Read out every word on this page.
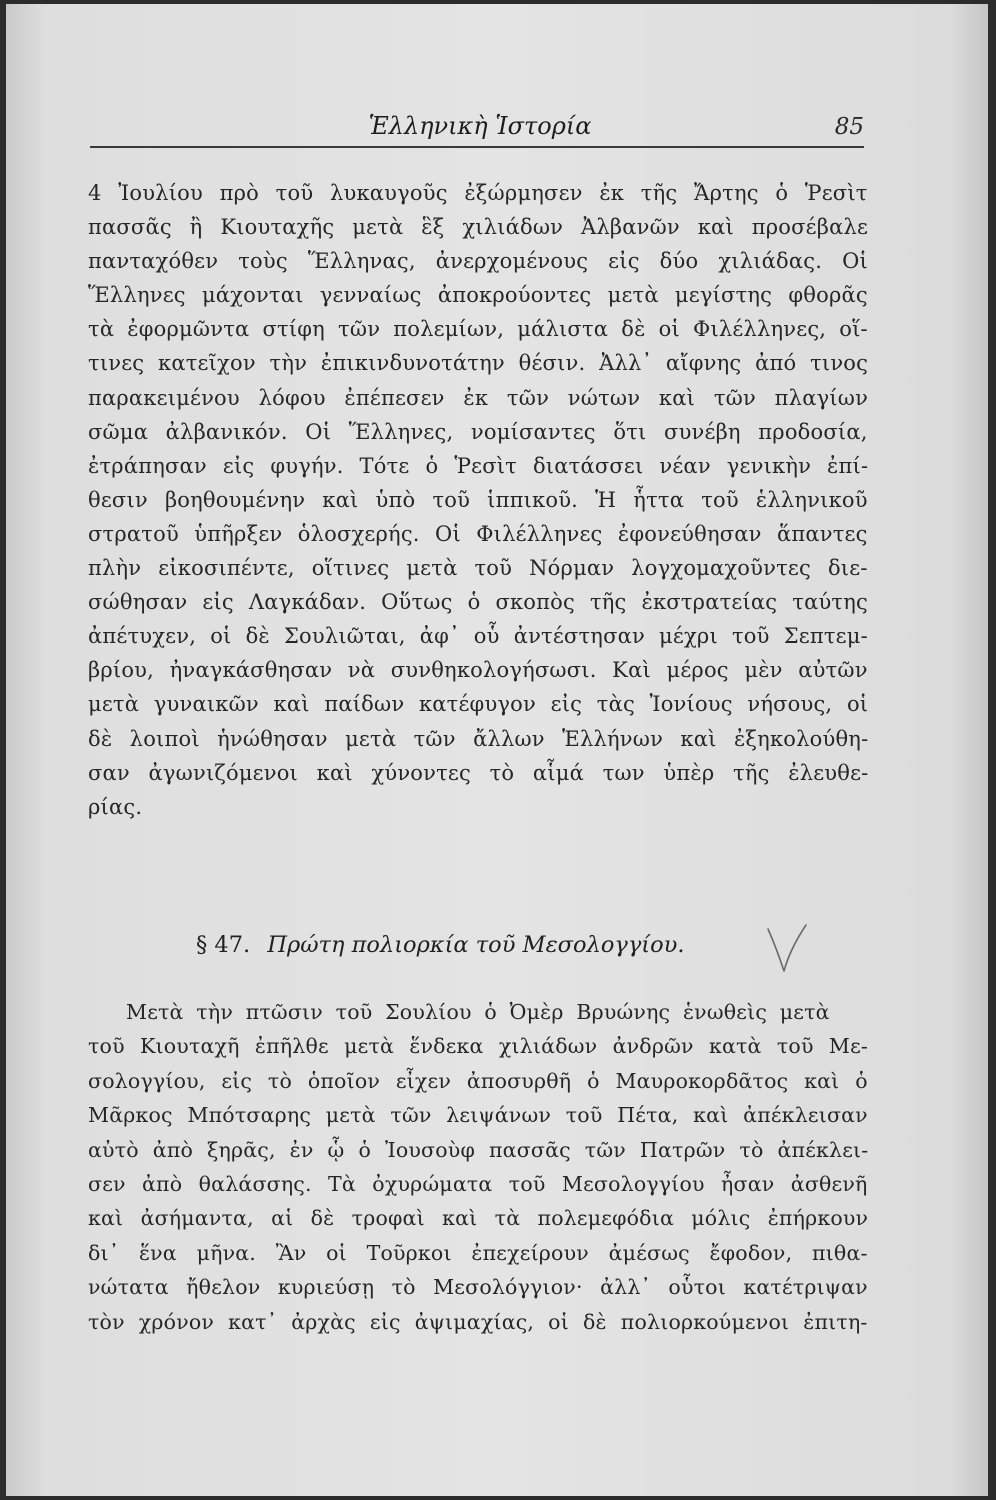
Ἑλληνικὴ Ἱστορία	85
4 Ἰουλίου πρὸ τοῦ λυκαυγοῦς ἐξώρμησεν ἐκ τῆς Ἄρτης ὁ Ῥεσὶτ
πασσᾶς ἢ Κιουταχῆς μετὰ ἓξ χιλιάδων Ἀλβανῶν καὶ προσέβαλε
πανταχόθεν τοὺς Ἕλληνας, ἀνερχομένους εἰς δύο χιλιάδας. Οἱ
Ἕλληνες μάχονται γενναίως ἀποκρούοντες μετὰ μεγίστης φθορᾶς
τὰ ἐφορμῶντα στίφη τῶν πολεμίων, μάλιστα δὲ οἱ Φιλέλληνες, οἵ-
τινες κατεῖχον τὴν ἐπικινδυνοτάτην θέσιν. Ἀλλ᾽ αἴφνης ἀπό τινος
παρακειμένου λόφου ἐπέπεσεν ἐκ τῶν νώτων καὶ τῶν πλαγίων
σῶμα ἀλβανικόν. Οἱ Ἕλληνες, νομίσαντες ὅτι συνέβη προδοσία,
ἐτράπησαν εἰς φυγήν. Τότε ὁ Ῥεσὶτ διατάσσει νέαν γενικὴν ἐπί-
θεσιν βοηθουμένην καὶ ὑπὸ τοῦ ἱππικοῦ. Ἡ ἧττα τοῦ ἑλληνικοῦ
στρατοῦ ὑπῆρξεν ὁλοσχερής. Οἱ Φιλέλληνες ἐφονεύθησαν ἅπαντες
πλὴν εἰκοσιπέντε, οἵτινες μετὰ τοῦ Νόρμαν λογχομαχοῦντες διε-
σώθησαν εἰς Λαγκάδαν. Οὕτως ὁ σκοπὸς τῆς ἐκστρατείας ταύτης
ἀπέτυχεν, οἱ δὲ Σουλιῶται, ἀφ᾽ οὗ ἀντέστησαν μέχρι τοῦ Σεπτεμ-
βρίου, ἠναγκάσθησαν νὰ συνθηκολογήσωσι. Καὶ μέρος μὲν αὐτῶν
μετὰ γυναικῶν καὶ παίδων κατέφυγον εἰς τὰς Ἰονίους νήσους, οἱ
δὲ λοιποὶ ἡνώθησαν μετὰ τῶν ἄλλων Ἑλλήνων καὶ ἐξηκολούθη-
σαν ἀγωνιζόμενοι καὶ χύνοντες τὸ αἷμά των ὑπὲρ τῆς ἐλευθε-
ρίας.
§ 47. Πρώτη πολιορκία τοῦ Μεσολογγίου.
Μετὰ τὴν πτῶσιν τοῦ Σουλίου ὁ Ὀμὲρ Βρυώνης ἑνωθεὶς μετὰ
τοῦ Κιουταχῆ ἐπῆλθε μετὰ ἕνδεκα χιλιάδων ἀνδρῶν κατὰ τοῦ Με-
σολογγίου, εἰς τὸ ὁποῖον εἶχεν ἀποσυρθῆ ὁ Μαυροκορδᾶτος καὶ ὁ
Μᾶρκος Μπότσαρης μετὰ τῶν λειψάνων τοῦ Πέτα, καὶ ἀπέκλεισαν
αὐτὸ ἀπὸ ξηρᾶς, ἐν ᾧ ὁ Ἰουσοὺφ πασσᾶς τῶν Πατρῶν τὸ ἀπέκλει-
σεν ἀπὸ θαλάσσης. Τὰ ὀχυρώματα τοῦ Μεσολογγίου ἦσαν ἀσθενῆ
καὶ ἀσήμαντα, αἱ δὲ τροφαὶ καὶ τὰ πολεμεφόδια μόλις ἐπήρκουν
δι᾽ ἕνα μῆνα. Ἂν οἱ Τοῦρκοι ἐπεχείρουν ἀμέσως ἔφοδον, πιθα-
νώτατα ἤθελον κυριεύσῃ τὸ Μεσολόγγιον· ἀλλ᾽ οὗτοι κατέτριψαν
τὸν χρόνον κατ᾽ ἀρχὰς εἰς ἀψιμαχίας, οἱ δὲ πολιορκούμενοι ἐπιτη-
